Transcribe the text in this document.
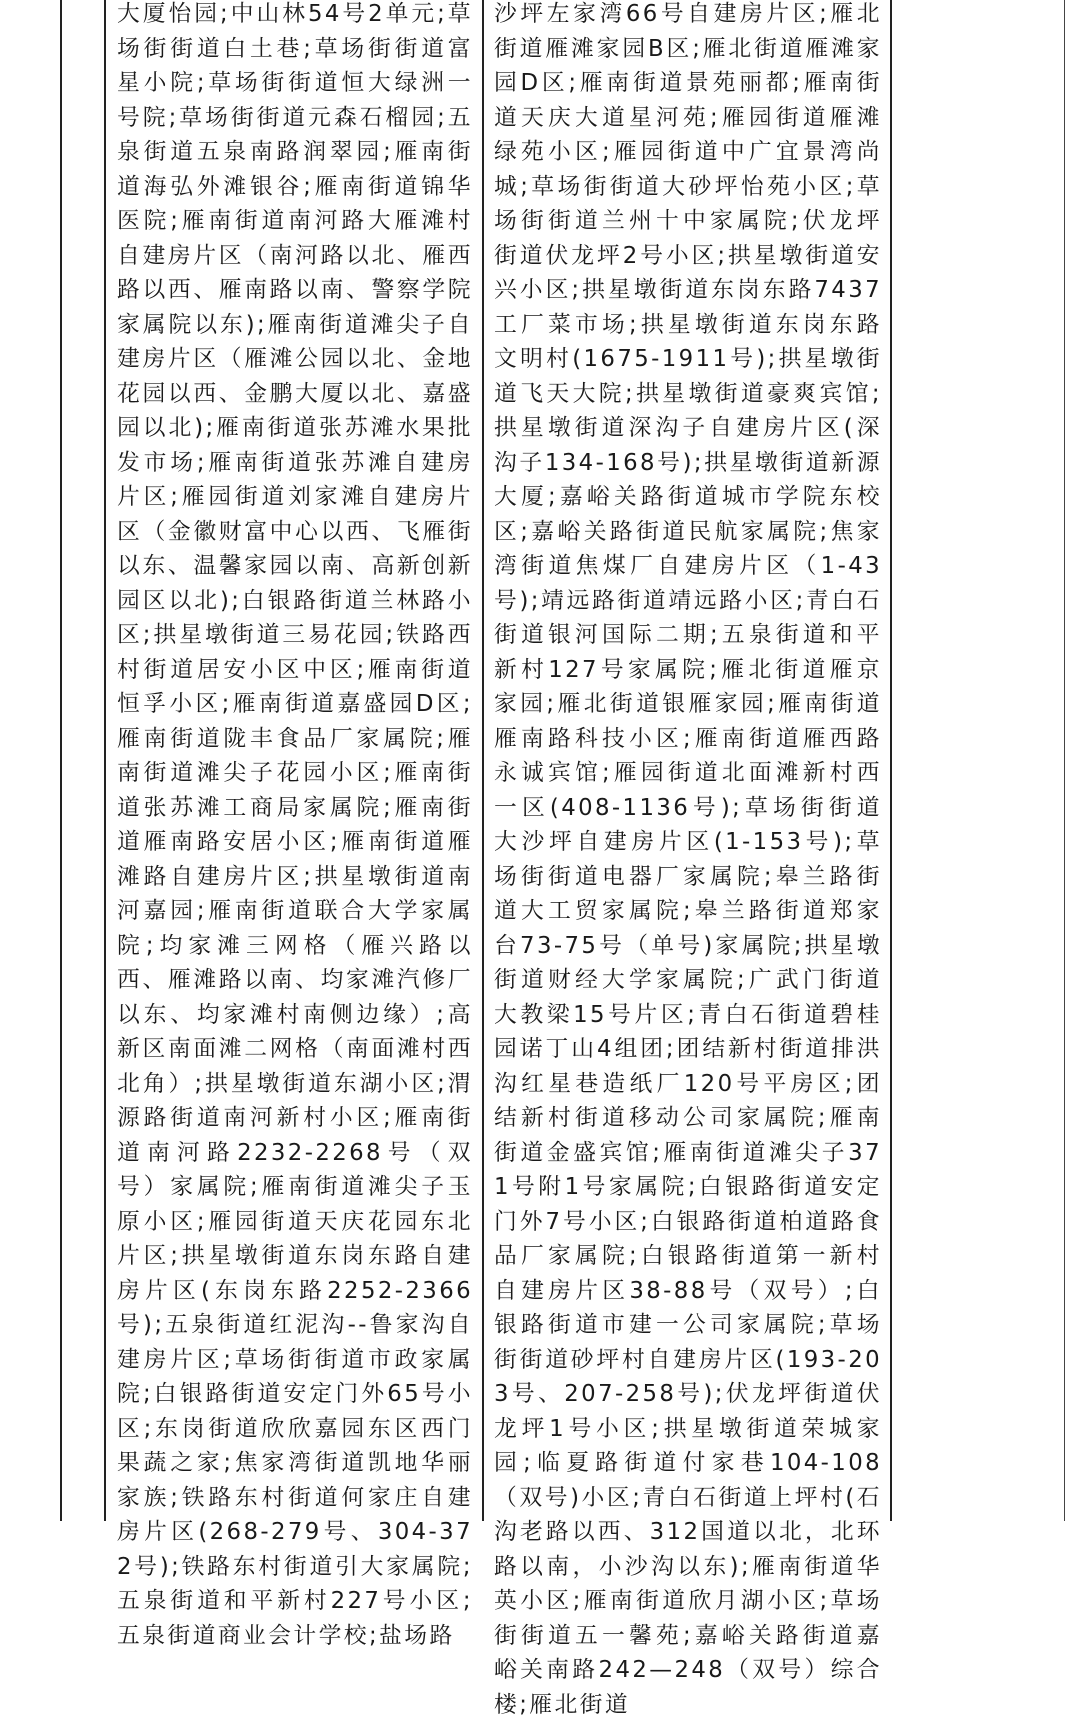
大厦怡园;中山林54号2单元;草场街街道白土巷;草场街街道富星小院;草场街街道恒大绿洲一号院;草场街街道元森石榴园;五泉街道五泉南路润翠园;雁南街道海弘外滩银谷;雁南街道锦华医院;雁南街道南河路大雁滩村自建房片区（南河路以北、雁西路以西、雁南路以南、警察学院家属院以东);雁南街道滩尖子自建房片区（雁滩公园以北、金地花园以西、金鹏大厦以北、嘉盛园以北);雁南街道张苏滩水果批发市场;雁南街道张苏滩自建房片区;雁园街道刘家滩自建房片区（金徽财富中心以西、飞雁街以东、温馨家园以南、高新创新园区以北);白银路街道兰林路小区;拱星墩街道三易花园;铁路西村街道居安小区中区;雁南街道恒孚小区;雁南街道嘉盛园D区;雁南街道陇丰食品厂家属院;雁南街道滩尖子花园小区;雁南街道张苏滩工商局家属院;雁南街道雁南路安居小区;雁南街道雁滩路自建房片区;拱星墩街道南河嘉园;雁南街道联合大学家属院;均家滩三网格（雁兴路以西、雁滩路以南、均家滩汽修厂以东、均家滩村南侧边缘）;高新区南面滩二网格（南面滩村西北角）;拱星墩街道东湖小区;渭源路街道南河新村小区;雁南街道南河路2232-2268号（双号）家属院;雁南街道滩尖子玉原小区;雁园街道天庆花园东北片区;拱星墩街道东岗东路自建房片区(东岗东路2252-2366号);五泉街道红泥沟--鲁家沟自建房片区;草场街街道市政家属院;白银路街道安定门外65号小区;东岗街道欣欣嘉园东区西门果蔬之家;焦家湾街道凯地华丽家族;铁路东村街道何家庄自建房片区(268-279号、304-372号);铁路东村街道引大家属院;五泉街道和平新村227号小区;五泉街道商业会计学校;盐场路

沙坪左家湾66号自建房片区;雁北街道雁滩家园B区;雁北街道雁滩家园D区;雁南街道景苑丽都;雁南街道天庆大道星河苑;雁园街道雁滩绿苑小区;雁园街道中广宜景湾尚城;草场街街道大砂坪怡苑小区;草场街街道兰州十中家属院;伏龙坪街道伏龙坪2号小区;拱星墩街道安兴小区;拱星墩街道东岗东路7437工厂菜市场;拱星墩街道东岗东路文明村(1675-1911号);拱星墩街道飞天大院;拱星墩街道豪爽宾馆;拱星墩街道深沟子自建房片区(深沟子134-168号);拱星墩街道新源大厦;嘉峪关路街道城市学院东校区;嘉峪关路街道民航家属院;焦家湾街道焦煤厂自建房片区（1-43号);靖远路街道靖远路小区;青白石街道银河国际二期;五泉街道和平新村127号家属院;雁北街道雁京家园;雁北街道银雁家园;雁南街道雁南路科技小区;雁南街道雁西路永诚宾馆;雁园街道北面滩新村西一区(408-1136号);草场街街道大沙坪自建房片区(1-153号);草场街街道电器厂家属院;皋兰路街道大工贸家属院;皋兰路街道郑家台73-75号（单号)家属院;拱星墩街道财经大学家属院;广武门街道大教梁15号片区;青白石街道碧桂园诺丁山4组团;团结新村街道排洪沟红星巷造纸厂120号平房区;团结新村街道移动公司家属院;雁南街道金盛宾馆;雁南街道滩尖子371号附1号家属院;白银路街道安定门外7号小区;白银路街道柏道路食品厂家属院;白银路街道第一新村自建房片区38-88号（双号）;白银路街道市建一公司家属院;草场街街道砂坪村自建房片区(193-203号、207-258号);伏龙坪街道伏龙坪1号小区;拱星墩街道荣城家园;临夏路街道付家巷104-108（双号)小区;青白石街道上坪村(石沟老路以西、312国道以北，北环路以南，小沙沟以东);雁南街道华英小区;雁南街道欣月湖小区;草场街街道五一馨苑;嘉峪关路街道嘉峪关南路242—248（双号）综合楼;雁北街道
